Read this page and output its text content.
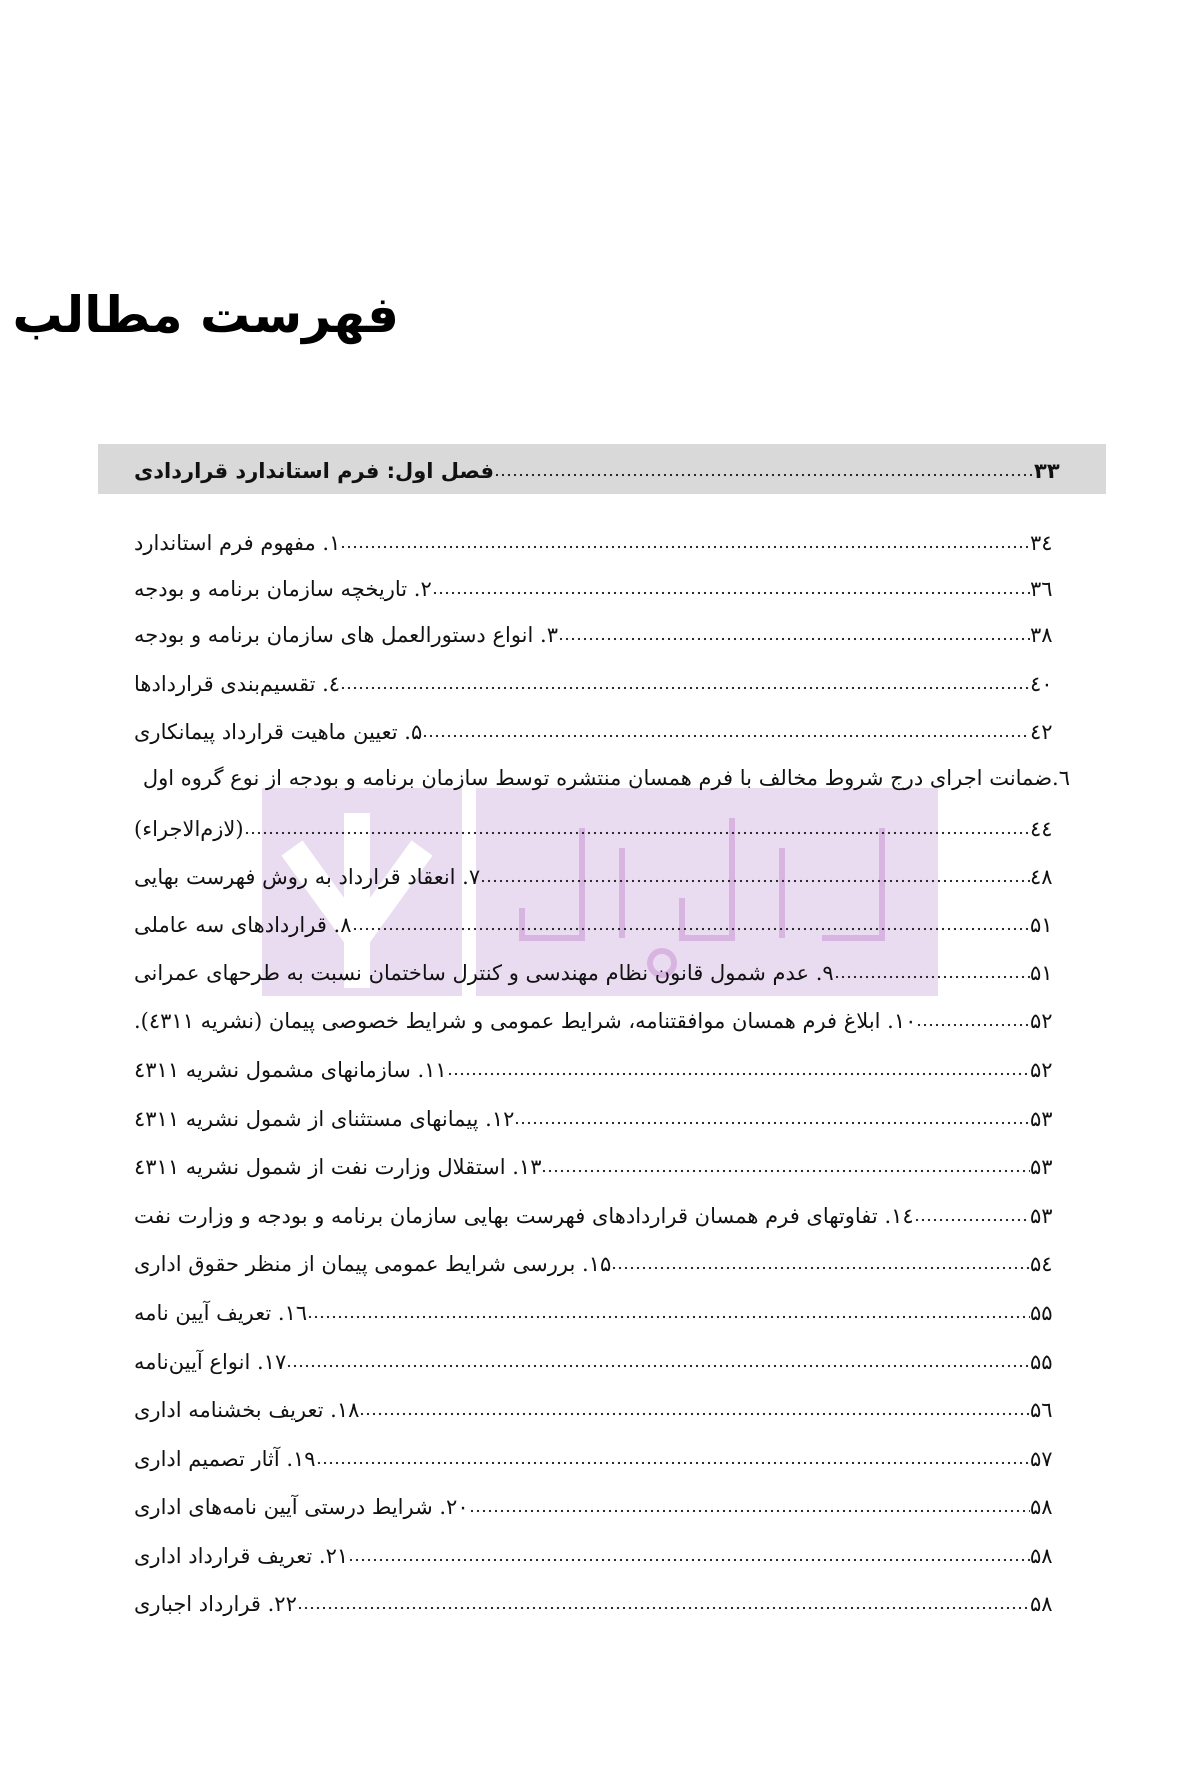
فهرست مطالب
فصل اول: فرم استاندارد قراردادی	۳۳
۱. مفهوم فرم استاندارد	۳٤
۲. تاریخچه سازمان برنامه و بودجه	۳٦
۳. انواع دستورالعمل های سازمان برنامه و بودجه	۳۸
٤. تقسیم‌بندی قراردادها	٤۰
۵. تعیین ماهیت قرارداد پیمانکاری	٤۲
٦.ضمانت اجرای درج شروط مخالف با فرم همسان منتشره توسط سازمان برنامه و بودجه از نوع گروه اول
(لازم‌الاجراء)	٤٤
۷. انعقاد قرارداد به روش فهرست بهایی	٤۸
۸. قراردادهای سه عاملی	۵۱
۹. عدم شمول قانون نظام مهندسی و کنترل ساختمان نسبت به طرحهای عمرانی	۵۱
۱۰. ابلاغ فرم همسان موافقتنامه، شرایط عمومی و شرایط خصوصی پیمان (نشریه ٤۳۱۱).	۵۲
۱۱. سازمانهای مشمول نشریه ٤۳۱۱	۵۲
۱۲. پیمانهای مستثنای از شمول نشریه ٤۳۱۱	۵۳
۱۳. استقلال وزارت نفت از شمول نشریه ٤۳۱۱	۵۳
۱٤. تفاوتهای فرم همسان قراردادهای فهرست بهایی سازمان برنامه و بودجه و وزارت نفت	۵۳
۱۵. بررسی شرایط عمومی پیمان از منظر حقوق اداری	۵٤
۱٦. تعریف آیین نامه	۵۵
۱۷. انواع آیین‌نامه	۵۵
۱۸. تعریف بخشنامه اداری	۵٦
۱۹. آثار تصمیم اداری	۵۷
۲۰. شرایط درستی آیین نامه‌های اداری	۵۸
۲۱. تعریف قرارداد اداری	۵۸
۲۲. قرارداد اجباری	۵۸
